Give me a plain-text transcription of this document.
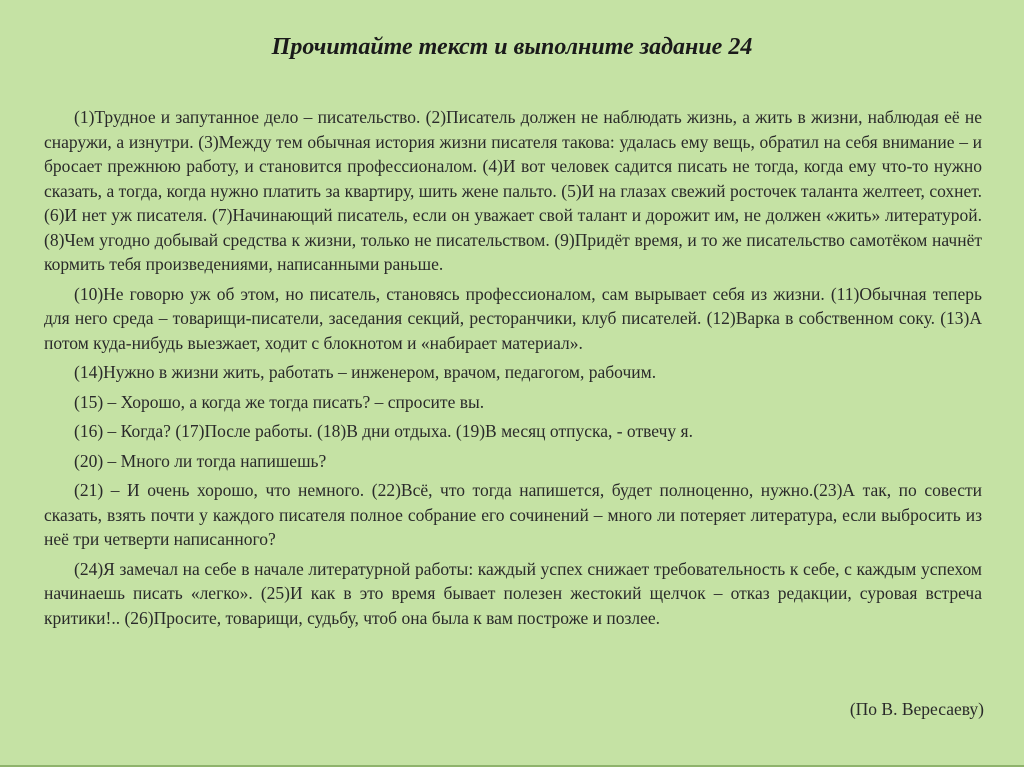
Прочитайте текст и выполните задание 24

(1)Трудное и запутанное дело – писательство. (2)Писатель должен не наблюдать жизнь, а жить в жизни, наблюдая её не снаружи, а изнутри. (3)Между тем обычная история жизни писателя такова: удалась ему вещь, обратил на себя внимание – и бросает прежнюю работу, и становится профессионалом. (4)И вот человек садится писать не тогда, когда ему что-то нужно сказать, а тогда, когда нужно платить за квартиру, шить жене пальто. (5)И на глазах свежий росточек таланта желтеет, сохнет. (6)И нет уж писателя. (7)Начинающий писатель, если он уважает свой талант и дорожит им, не должен «жить» литературой. (8)Чем угодно добывай средства к жизни, только не писательством. (9)Придёт время, и то же писательство самотёком начнёт кормить тебя произведениями, написанными раньше.

(10)Не говорю уж об этом, но писатель, становясь профессионалом, сам вырывает себя из жизни. (11)Обычная теперь для него среда – товарищи-писатели, заседания секций, ресторанчики, клуб писателей. (12)Варка в собственном соку. (13)А потом куда-нибудь выезжает, ходит с блокнотом и «набирает материал».

(14)Нужно в жизни жить, работать – инженером, врачом, педагогом, рабочим.

(15) – Хорошо, а когда же тогда писать? – спросите вы.

(16) – Когда? (17)После работы. (18)В дни отдыха. (19)В месяц отпуска, - отвечу я.

(20) – Много ли тогда напишешь?

(21) – И очень хорошо, что немного. (22)Всё, что тогда напишется, будет полноценно, нужно.(23)А так, по совести сказать, взять почти у каждого писателя полное собрание его сочинений – много ли потеряет литература, если выбросить из неё три четверти написанного?

(24)Я замечал на себе в начале литературной работы: каждый успех снижает требовательность к себе, с каждым успехом начинаешь писать «легко». (25)И как в это время бывает полезен жестокий щелчок – отказ редакции, суровая встреча критики!.. (26)Просите, товарищи, судьбу, чтоб она была к вам построже и позлее.

(По В. Вересаеву)
